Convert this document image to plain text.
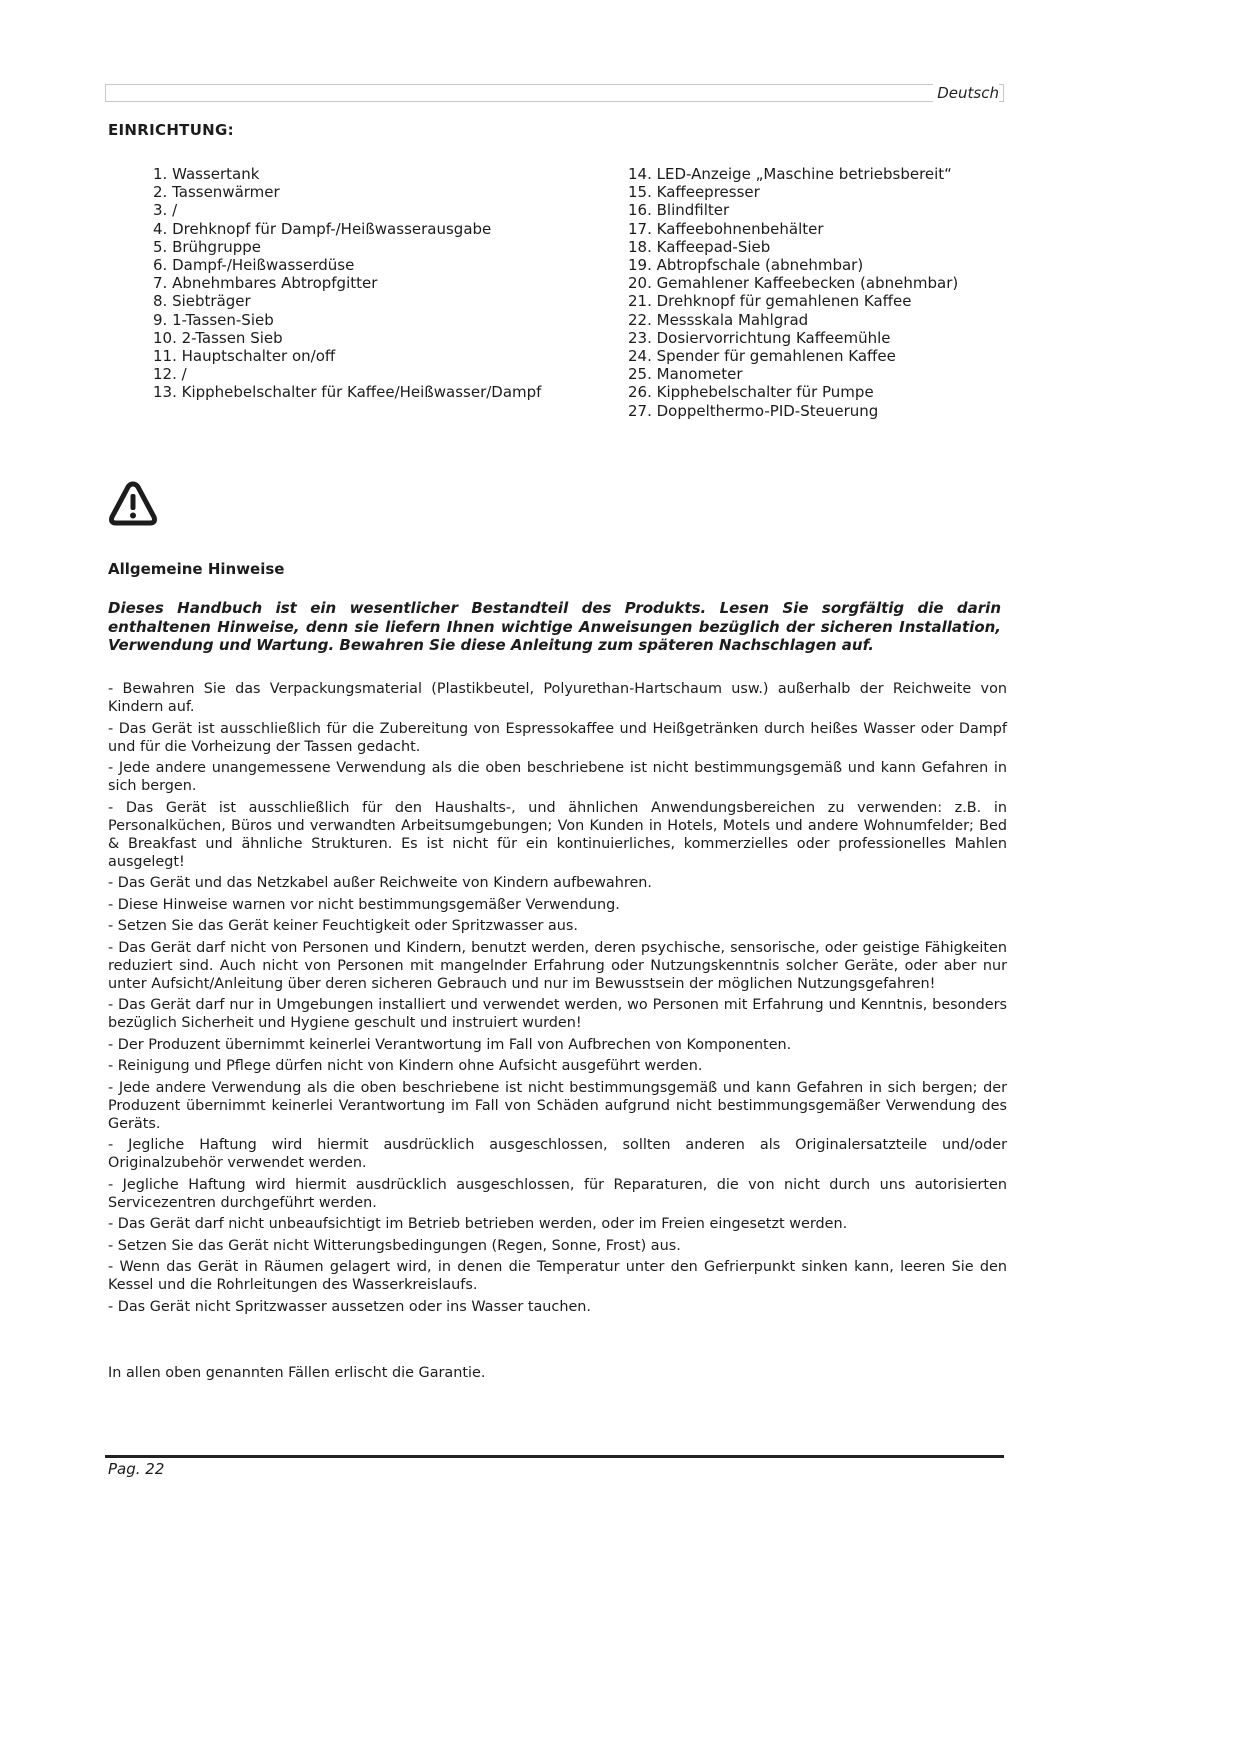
Deutsch
EINRICHTUNG:
1. Wassertank
2. Tassenwärmer
3. /
4. Drehknopf für Dampf-/Heißwasserausgabe
5. Brühgruppe
6. Dampf-/Heißwasserdüse
7. Abnehmbares Abtropfgitter
8. Siebträger
9. 1-Tassen-Sieb
10. 2-Tassen Sieb
11. Hauptschalter on/off
12. /
13. Kipphebelschalter für Kaffee/Heißwasser/Dampf
14. LED-Anzeige „Maschine betriebsbereit“
15. Kaffeepresser
16. Blindfilter
17. Kaffeebohnenbehälter
18. Kaffeepad-Sieb
19. Abtropfschale (abnehmbar)
20. Gemahlener Kaffeebecken (abnehmbar)
21. Drehknopf für gemahlenen Kaffee
22. Messskala Mahlgrad
23. Dosiervorrichtung Kaffeemühle
24. Spender für gemahlenen Kaffee
25. Manometer
26. Kipphebelschalter für Pumpe
27. Doppelthermo-PID-Steuerung
Allgemeine Hinweise

Dieses Handbuch ist ein wesentlicher Bestandteil des Produkts. Lesen Sie sorgfältig die darin enthaltenen Hinweise, denn sie liefern Ihnen wichtige Anweisungen bezüglich der sicheren Installation, Verwendung und Wartung. Bewahren Sie diese Anleitung zum späteren Nachschlagen auf.

- Bewahren Sie das Verpackungsmaterial (Plastikbeutel, Polyurethan-Hartschaum usw.) außerhalb der Reichweite von Kindern auf.
- Das Gerät ist ausschließlich für die Zubereitung von Espressokaffee und Heißgetränken durch heißes Wasser oder Dampf und für die Vorheizung der Tassen gedacht.
- Jede andere unangemessene Verwendung als die oben beschriebene ist nicht bestimmungsgemäß und kann Gefahren in sich bergen.
- Das Gerät ist ausschließlich für den Haushalts-, und ähnlichen Anwendungsbereichen zu verwenden: z.B. in Personalküchen, Büros und verwandten Arbeitsumgebungen; Von Kunden in Hotels, Motels und andere Wohnumfelder; Bed & Breakfast und ähnliche Strukturen. Es ist nicht für ein kontinuierliches, kommerzielles oder professionelles Mahlen ausgelegt!
- Das Gerät und das Netzkabel außer Reichweite von Kindern aufbewahren.
- Diese Hinweise warnen vor nicht bestimmungsgemäßer Verwendung.
- Setzen Sie das Gerät keiner Feuchtigkeit oder Spritzwasser aus.
- Das Gerät darf nicht von Personen und Kindern, benutzt werden, deren psychische, sensorische, oder geistige Fähigkeiten reduziert sind. Auch nicht von Personen mit mangelnder Erfahrung oder Nutzungskenntnis solcher Geräte, oder aber nur unter Aufsicht/Anleitung über deren sicheren Gebrauch und nur im Bewusstsein der möglichen Nutzungsgefahren!
- Das Gerät darf nur in Umgebungen installiert und verwendet werden, wo Personen mit Erfahrung und Kenntnis, besonders bezüglich Sicherheit und Hygiene geschult und instruiert wurden!
- Der Produzent übernimmt keinerlei Verantwortung im Fall von Aufbrechen von Komponenten.
- Reinigung und Pflege dürfen nicht von Kindern ohne Aufsicht ausgeführt werden.
- Jede andere Verwendung als die oben beschriebene ist nicht bestimmungsgemäß und kann Gefahren in sich bergen; der Produzent übernimmt keinerlei Verantwortung im Fall von Schäden aufgrund nicht bestimmungsgemäßer Verwendung des Geräts.
- Jegliche Haftung wird hiermit ausdrücklich ausgeschlossen, sollten anderen als Originalersatzteile und/oder Originalzubehör verwendet werden.
- Jegliche Haftung wird hiermit ausdrücklich ausgeschlossen, für Reparaturen, die von nicht durch uns autorisierten Servicezentren durchgeführt werden.
- Das Gerät darf nicht unbeaufsichtigt im Betrieb betrieben werden, oder im Freien eingesetzt werden.
- Setzen Sie das Gerät nicht Witterungsbedingungen (Regen, Sonne, Frost) aus.
- Wenn das Gerät in Räumen gelagert wird, in denen die Temperatur unter den Gefrierpunkt sinken kann, leeren Sie den Kessel und die Rohrleitungen des Wasserkreislaufs.
- Das Gerät nicht Spritzwasser aussetzen oder ins Wasser tauchen.

In allen oben genannten Fällen erlischt die Garantie.

Pag. 22
